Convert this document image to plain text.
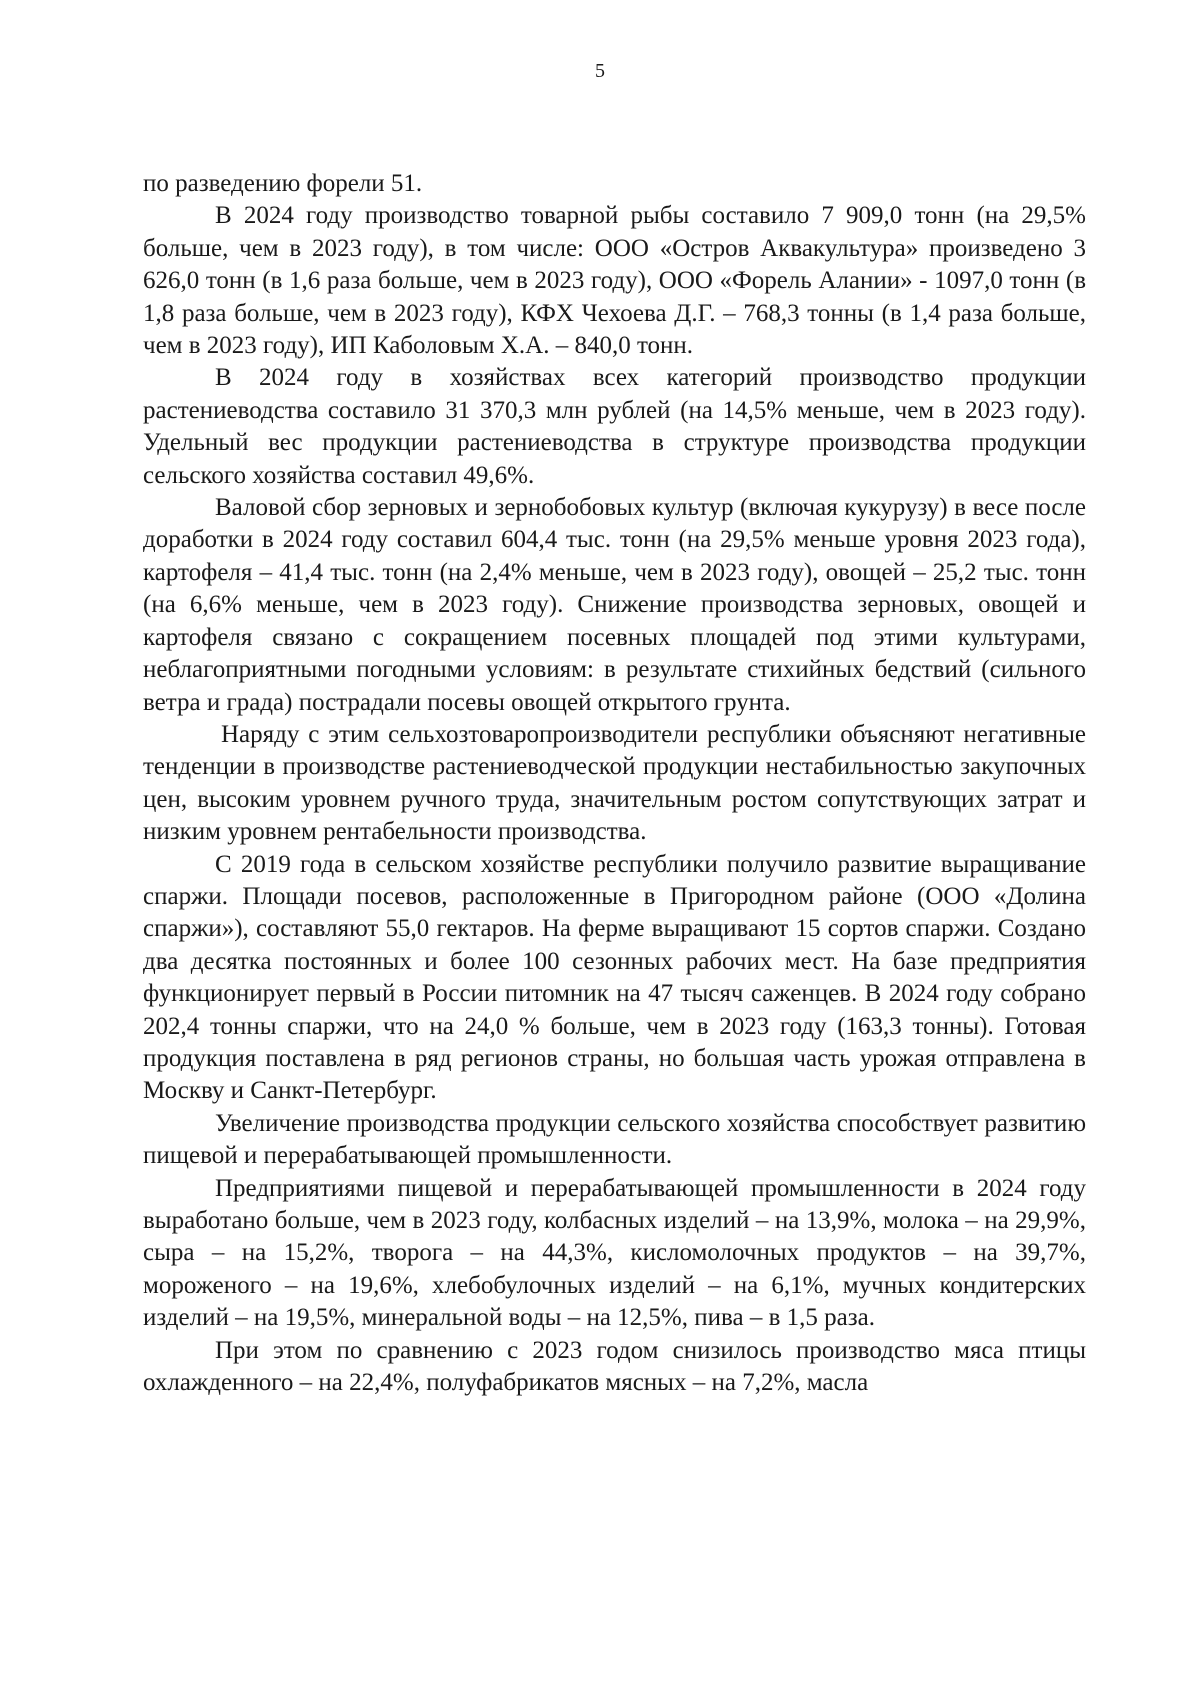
5

по разведению форели 51.

В 2024 году производство товарной рыбы составило 7 909,0 тонн (на 29,5% больше, чем в 2023 году), в том числе: ООО «Остров Аквакультура» произведено 3 626,0 тонн (в 1,6 раза больше, чем в 2023 году), ООО «Форель Алании» - 1097,0 тонн (в 1,8 раза больше, чем в 2023 году), КФХ Чехоева Д.Г. – 768,3 тонны (в 1,4 раза больше, чем в 2023 году), ИП Каболовым Х.А. – 840,0 тонн.

В 2024 году в хозяйствах всех категорий производство продукции растениеводства составило 31 370,3 млн рублей (на 14,5% меньше, чем в 2023 году). Удельный вес продукции растениеводства в структуре производства продукции сельского хозяйства составил 49,6%.

Валовой сбор зерновых и зернобобовых культур (включая кукурузу) в весе после доработки в 2024 году составил 604,4 тыс. тонн (на 29,5% меньше уровня 2023 года), картофеля – 41,4 тыс. тонн (на 2,4% меньше, чем в 2023 году), овощей – 25,2 тыс. тонн (на 6,6% меньше, чем в 2023 году). Снижение производства зерновых, овощей и картофеля связано с сокращением посевных площадей под этими культурами, неблагоприятными погодными условиям: в результате стихийных бедствий (сильного ветра и града) пострадали посевы овощей открытого грунта.

Наряду с этим сельхозтоваропроизводители республики объясняют негативные тенденции в производстве растениеводческой продукции нестабильностью закупочных цен, высоким уровнем ручного труда, значительным ростом сопутствующих затрат и низким уровнем рентабельности производства.

С 2019 года в сельском хозяйстве республики получило развитие выращивание спаржи. Площади посевов, расположенные в Пригородном районе (ООО «Долина спаржи»), составляют 55,0 гектаров. На ферме выращивают 15 сортов спаржи. Создано два десятка постоянных и более 100 сезонных рабочих мест. На базе предприятия функционирует первый в России питомник на 47 тысяч саженцев. В 2024 году собрано 202,4 тонны спаржи, что на 24,0 % больше, чем в 2023 году (163,3 тонны). Готовая продукция поставлена в ряд регионов страны, но большая часть урожая отправлена в Москву и Санкт-Петербург.

Увеличение производства продукции сельского хозяйства способствует развитию пищевой и перерабатывающей промышленности.

Предприятиями пищевой и перерабатывающей промышленности в 2024 году выработано больше, чем в 2023 году, колбасных изделий – на 13,9%, молока – на 29,9%, сыра – на 15,2%, творога – на 44,3%, кисломолочных продуктов – на 39,7%, мороженого – на 19,6%, хлебобулочных изделий – на 6,1%, мучных кондитерских изделий – на 19,5%, минеральной воды – на 12,5%, пива – в 1,5 раза.

При этом по сравнению с 2023 годом снизилось производство мяса птицы охлажденного – на 22,4%, полуфабрикатов мясных – на 7,2%, масла
